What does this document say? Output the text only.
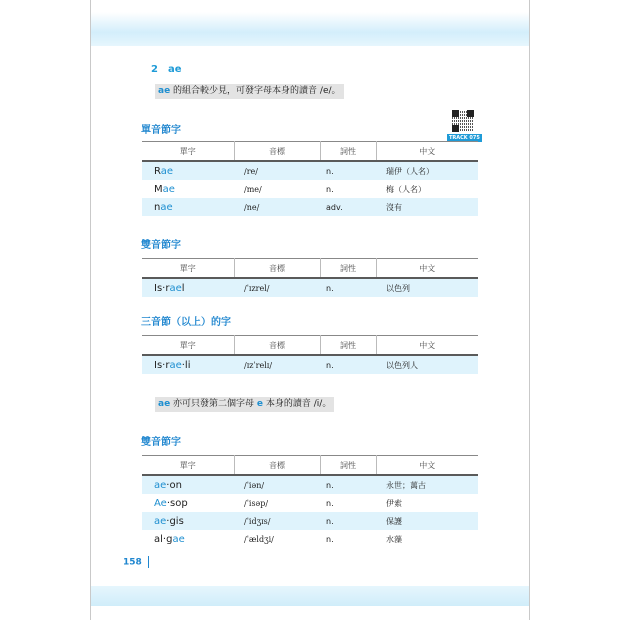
2 ae
ae 的組合較少見，可發字母本身的讀音 /e/。
TRACK 075
單音節字
單字	音標	詞性	中文
Rae	/re/	n.	瑞伊（人名）
Mae	/me/	n.	梅（人名）
nae	/ne/	adv.	沒有
雙音節字
單字	音標	詞性	中文
Is·rael	/ˈɪzrel/	n.	以色列
三音節（以上）的字
單字	音標	詞性	中文
Is·rae·li	/ɪzˈrelɪ/	n.	以色列人
ae 亦可只發第二個字母 e 本身的讀音 /i/。
雙音節字
單字	音標	詞性	中文
ae·on	/ˈiən/	n.	永世；萬古
Ae·sop	/ˈisəp/	n.	伊索
ae·gis	/ˈidʒɪs/	n.	保護
al·gae	/ˈældʒi/	n.	水藻
158
